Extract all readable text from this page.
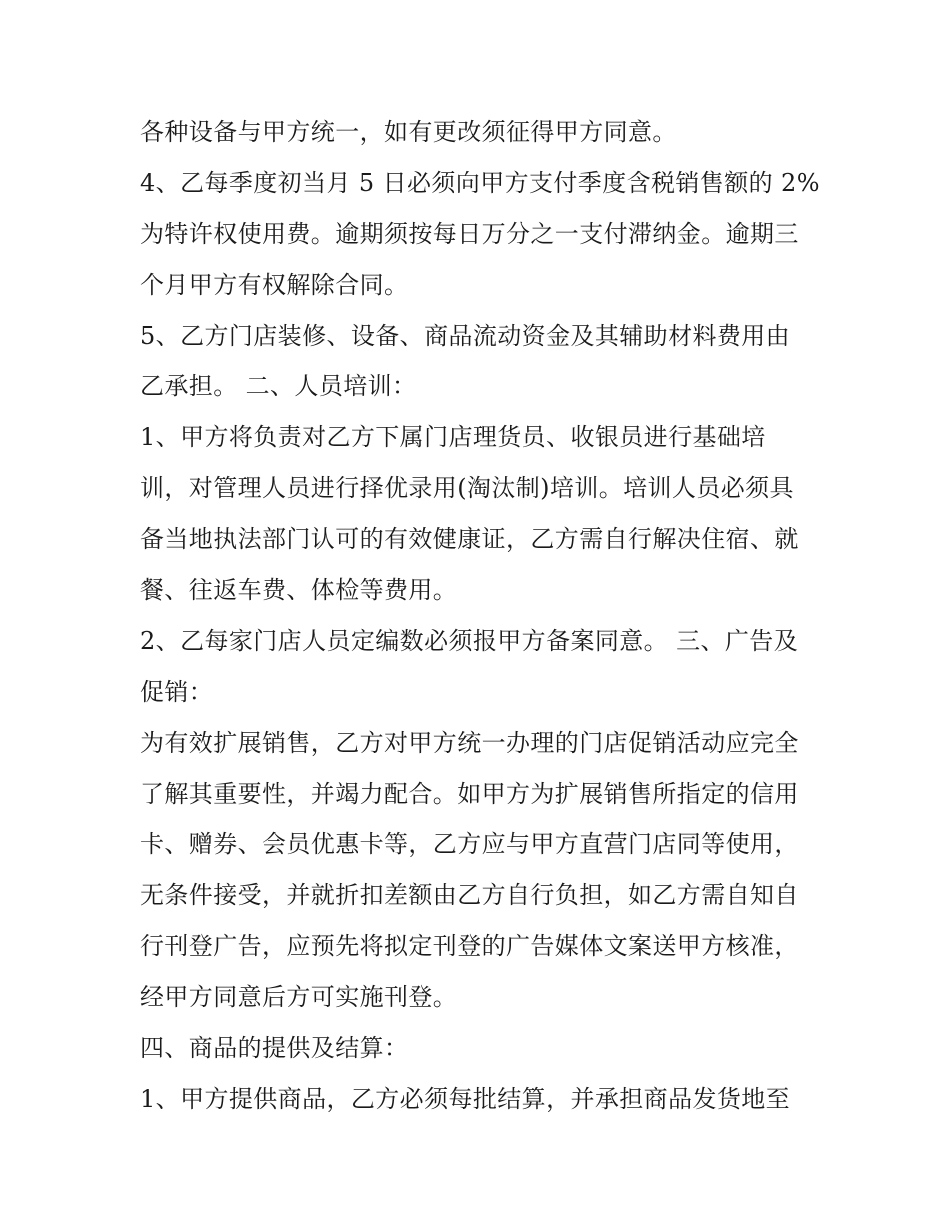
各种设备与甲方统一，如有更改须征得甲方同意。
4、乙每季度初当月 5 日必须向甲方支付季度含税销售额的 2%
为特许权使用费。逾期须按每日万分之一支付滞纳金。逾期三
个月甲方有权解除合同。
5、乙方门店装修、设备、商品流动资金及其辅助材料费用由
乙承担。 二、人员培训：
1、甲方将负责对乙方下属门店理货员、收银员进行基础培
训，对管理人员进行择优录用(淘汰制)培训。培训人员必须具
备当地执法部门认可的有效健康证，乙方需自行解决住宿、就
餐、往返车费、体检等费用。
2、乙每家门店人员定编数必须报甲方备案同意。 三、广告及
促销：
为有效扩展销售，乙方对甲方统一办理的门店促销活动应完全
了解其重要性，并竭力配合。如甲方为扩展销售所指定的信用
卡、赠券、会员优惠卡等，乙方应与甲方直营门店同等使用，
无条件接受，并就折扣差额由乙方自行负担，如乙方需自知自
行刊登广告，应预先将拟定刊登的广告媒体文案送甲方核准，
经甲方同意后方可实施刊登。
四、商品的提供及结算：
1、甲方提供商品，乙方必须每批结算，并承担商品发货地至
